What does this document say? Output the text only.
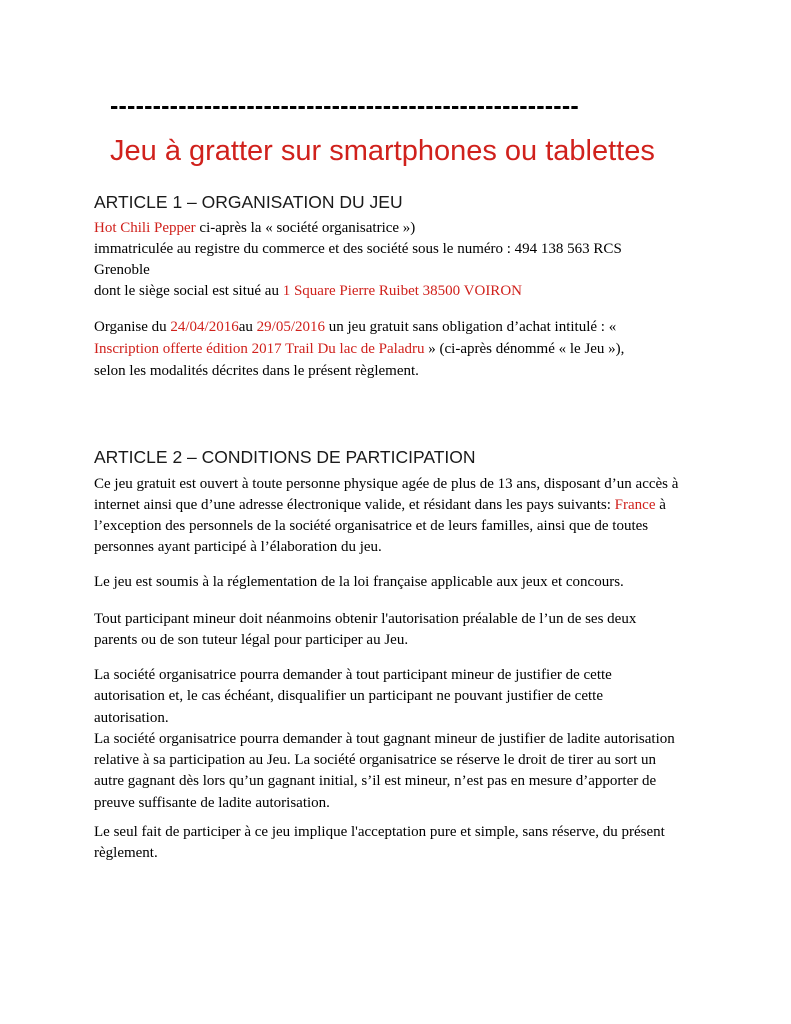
-------------------------------------------------------
Jeu à gratter sur smartphones ou tablettes
ARTICLE 1 – ORGANISATION DU JEU
Hot Chili Pepper ci-après la « société organisatrice »)
immatriculée au registre du commerce et des société sous le numéro : 494 138 563 RCS
Grenoble
dont le siège social est situé au 1 Square Pierre Ruibet 38500 VOIRON
Organise du 24/04/2016au 29/05/2016 un jeu gratuit sans obligation d’achat intitulé : «
Inscription offerte édition 2017 Trail Du lac de Paladru » (ci-après dénommé « le Jeu »),
selon les modalités décrites dans le présent règlement.
ARTICLE 2 – CONDITIONS DE PARTICIPATION
Ce jeu gratuit est ouvert à toute personne physique agée de plus de 13 ans, disposant d’un accès à
internet ainsi que d’une adresse électronique valide, et résidant dans les pays suivants: France à
l’exception des personnels de la société organisatrice et de leurs familles, ainsi que de toutes
personnes ayant participé à l’élaboration du jeu.
Le jeu est soumis à la réglementation de la loi française applicable aux jeux et concours.
Tout participant mineur doit néanmoins obtenir l'autorisation préalable de l’un de ses deux
parents ou de son tuteur légal pour participer au Jeu.
La société organisatrice pourra demander à tout participant mineur de justifier de cette
autorisation et, le cas échéant, disqualifier un participant ne pouvant justifier de cette
autorisation.
La société organisatrice pourra demander à tout gagnant mineur de justifier de ladite autorisation
relative à sa participation au Jeu. La société organisatrice se réserve le droit de tirer au sort un
autre gagnant dès lors qu’un gagnant initial, s’il est mineur, n’est pas en mesure d’apporter de
preuve suffisante de ladite autorisation.
Le seul fait de participer à ce jeu implique l'acceptation pure et simple, sans réserve, du présent
règlement.
